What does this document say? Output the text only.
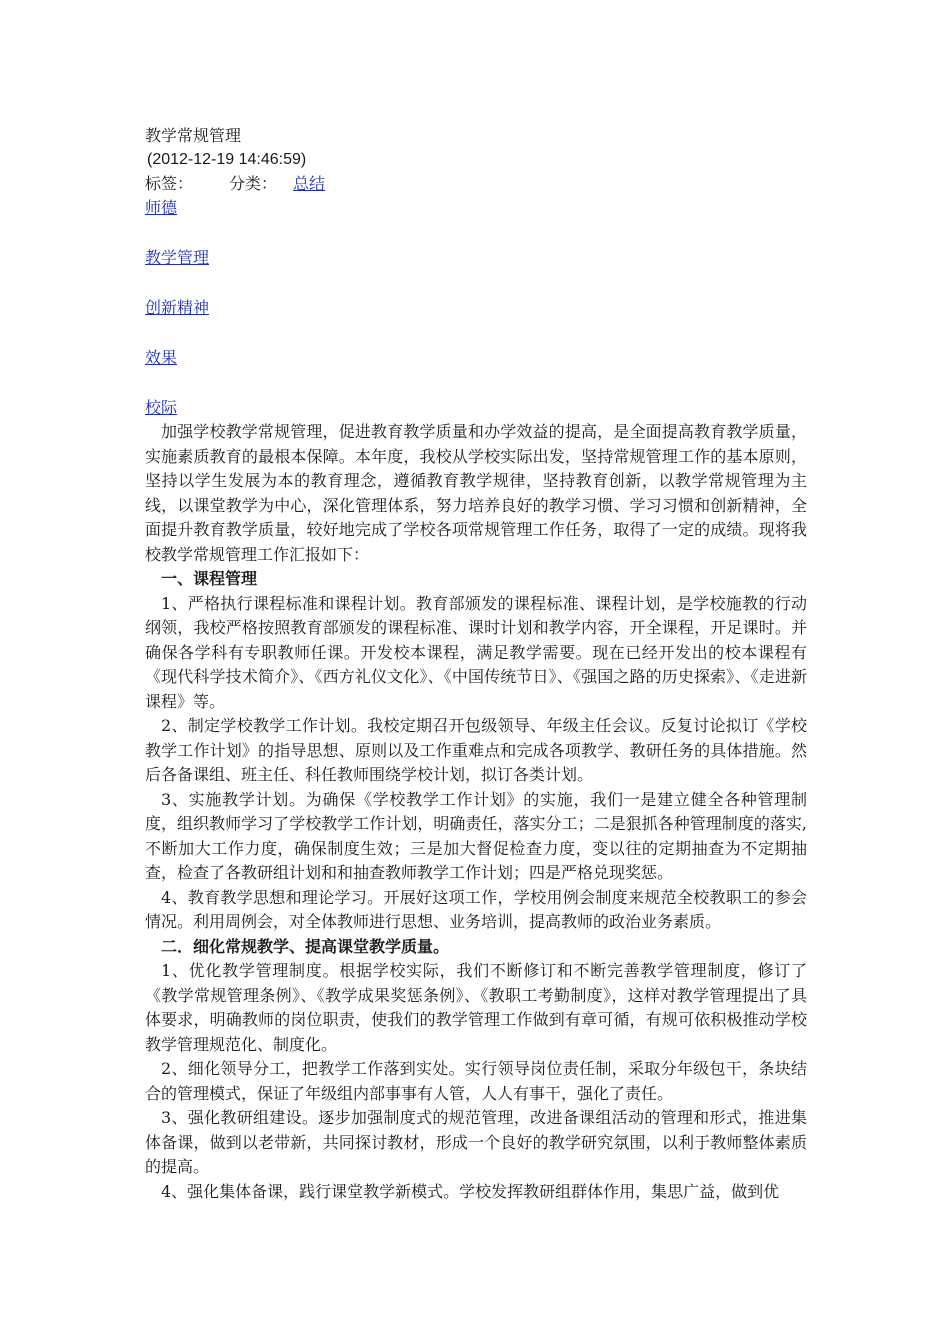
教学常规管理
(2012-12-19 14:46:59)
标签：	分类： 总结
师德
教学管理
创新精神
效果
校际

加强学校教学常规管理，促进教育教学质量和办学效益的提高，是全面提高教育教学质量，实施素质教育的最根本保障。本年度，我校从学校实际出发，坚持常规管理工作的基本原则，坚持以学生发展为本的教育理念，遵循教育教学规律，坚持教育创新，以教学常规管理为主线，以课堂教学为中心，深化管理体系，努力培养良好的教学习惯、学习习惯和创新精神，全面提升教育教学质量，较好地完成了学校各项常规管理工作任务，取得了一定的成绩。现将我校教学常规管理工作汇报如下：

一、课程管理

1、严格执行课程标准和课程计划。教育部颁发的课程标准、课程计划，是学校施教的行动纲领，我校严格按照教育部颁发的课程标准、课时计划和教学内容，开全课程，开足课时。并确保各学科有专职教师任课。开发校本课程，满足教学需要。现在已经开发出的校本课程有《现代科学技术简介》、《西方礼仪文化》、《中国传统节日》、《强国之路的历史探索》、《走进新课程》等。

2、制定学校教学工作计划。我校定期召开包级领导、年级主任会议。反复讨论拟订《学校教学工作计划》的指导思想、原则以及工作重难点和完成各项教学、教研任务的具体措施。然后各备课组、班主任、科任教师围绕学校计划，拟订各类计划。

3、实施教学计划。为确保《学校教学工作计划》的实施，我们一是建立健全各种管理制度，组织教师学习了学校教学工作计划，明确责任，落实分工；二是狠抓各种管理制度的落实,不断加大工作力度，确保制度生效；三是加大督促检查力度，变以往的定期抽查为不定期抽查，检查了各教研组计划和和抽查教师教学工作计划；四是严格兑现奖惩。

4、教育教学思想和理论学习。开展好这项工作，学校用例会制度来规范全校教职工的参会情况。利用周例会，对全体教师进行思想、业务培训，提高教师的政治业务素质。

二．细化常规教学、提高课堂教学质量。

1、优化教学管理制度。根据学校实际，我们不断修订和不断完善教学管理制度，修订了《教学常规管理条例》、《教学成果奖惩条例》、《教职工考勤制度》，这样对教学管理提出了具体要求，明确教师的岗位职责，使我们的教学管理工作做到有章可循，有规可依积极推动学校教学管理规范化、制度化。

2、细化领导分工，把教学工作落到实处。实行领导岗位责任制，采取分年级包干，条块结合的管理模式，保证了年级组内部事事有人管，人人有事干，强化了责任。

3、强化教研组建设。逐步加强制度式的规范管理，改进备课组活动的管理和形式，推进集体备课，做到以老带新，共同探讨教材，形成一个良好的教学研究氛围，以利于教师整体素质的提高。

4、强化集体备课，践行课堂教学新模式。学校发挥教研组群体作用，集思广益，做到优
